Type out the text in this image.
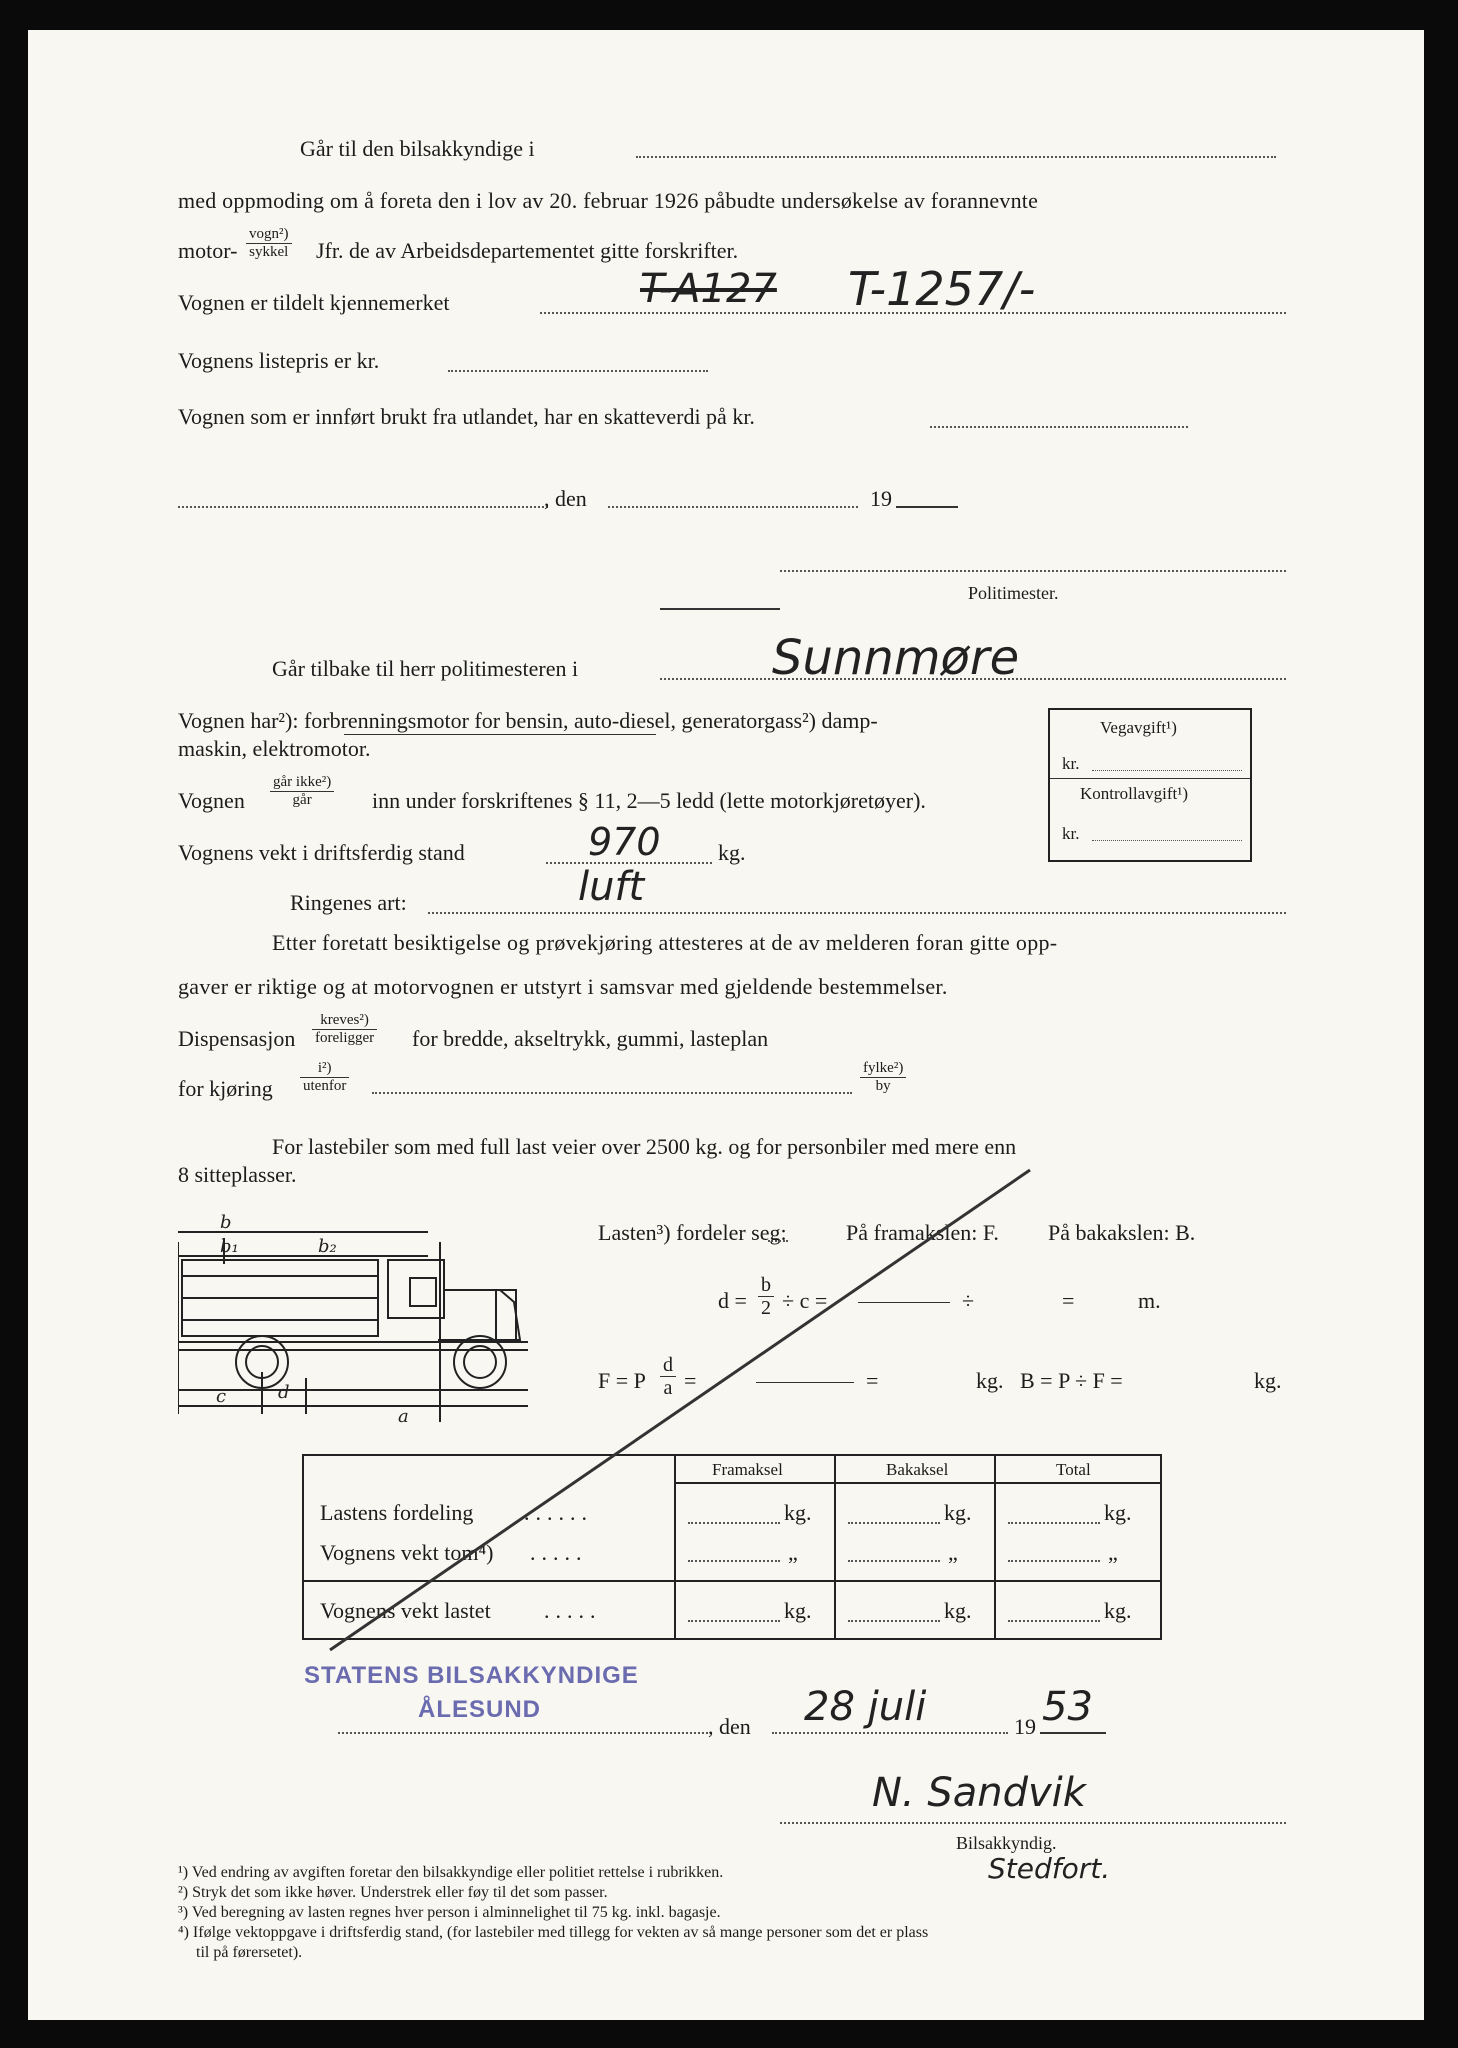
Går til den bilsakkyndige i
med oppmoding om å foreta den i lov av 20. februar 1926 påbudte undersøkelse av forannevnte
motor-
vogn²)
sykkel Jfr. de av Arbeidsdepartementet gitte forskrifter.
Vognen er tildelt kjennemerket	T-A127 T-1257/-
Vognens listepris er kr.
Vognen som er innført brukt fra utlandet, har en skatteverdi på kr.
, den	19
Politimester.
Går tilbake til herr politimesteren i	Sunnmøre
Vognen har²): forbrenningsmotor for bensin, auto-diesel, generatorgass²) damp-
maskin, elektromotor.
Vognen
går ikke²)
går	inn under forskriftenes § 11, 2—5 ledd (lette motorkjøretøyer).
Vognens vekt i driftsferdig stand	970	kg.
Ringenes art:	luft
Etter foretatt besiktigelse og prøvekjøring attesteres at de av melderen foran gitte opp-
gaver er riktige og at motorvognen er utstyrt i samsvar med gjeldende bestemmelser.
Dispensasjon
kreves²)
foreligger for bredde, akseltrykk, gummi, lasteplan
for kjøring
i²)
utenfor
fylke²)
by
Vegavgift¹)
kr.
Kontrollavgift¹)
kr.
For lastebiler som med full last veier over 2500 kg. og for personbiler med mere enn
8 sitteplasser.
b
b₁	b₂
c	d
a
Lasten³) fordeler seg:	På framakslen: F. På bakakslen: B.
$d = \frac{b}{2} \div c$ =	÷	=	m.
F = P $\frac{d}{a}$ =	=	kg. B = P ÷ F =	kg.
Framaksel	Bakaksel	Total
Lastens fordeling ......	kg.	kg.	kg.
Vognens vekt tom⁴) .....	„	„	„
Vognens vekt lastet .....	kg.	kg.	kg.
STATENS BILSAKKYNDIGE
ÅLESUND
, den 28 juli	19 53
N. Sandvik
Bilsakkyndig.
Stedfort.
¹) Ved endring av avgiften foretar den bilsakkyndige eller politiet rettelse i rubrikken.
²) Stryk det som ikke høver. Understrek eller føy til det som passer.
³) Ved beregning av lasten regnes hver person i alminnelighet til 75 kg. inkl. bagasje.
⁴) Ifølge vektoppgave i driftsferdig stand, (for lastebiler med tillegg for vekten av så mange personer som det er plass
til på førersetet).
